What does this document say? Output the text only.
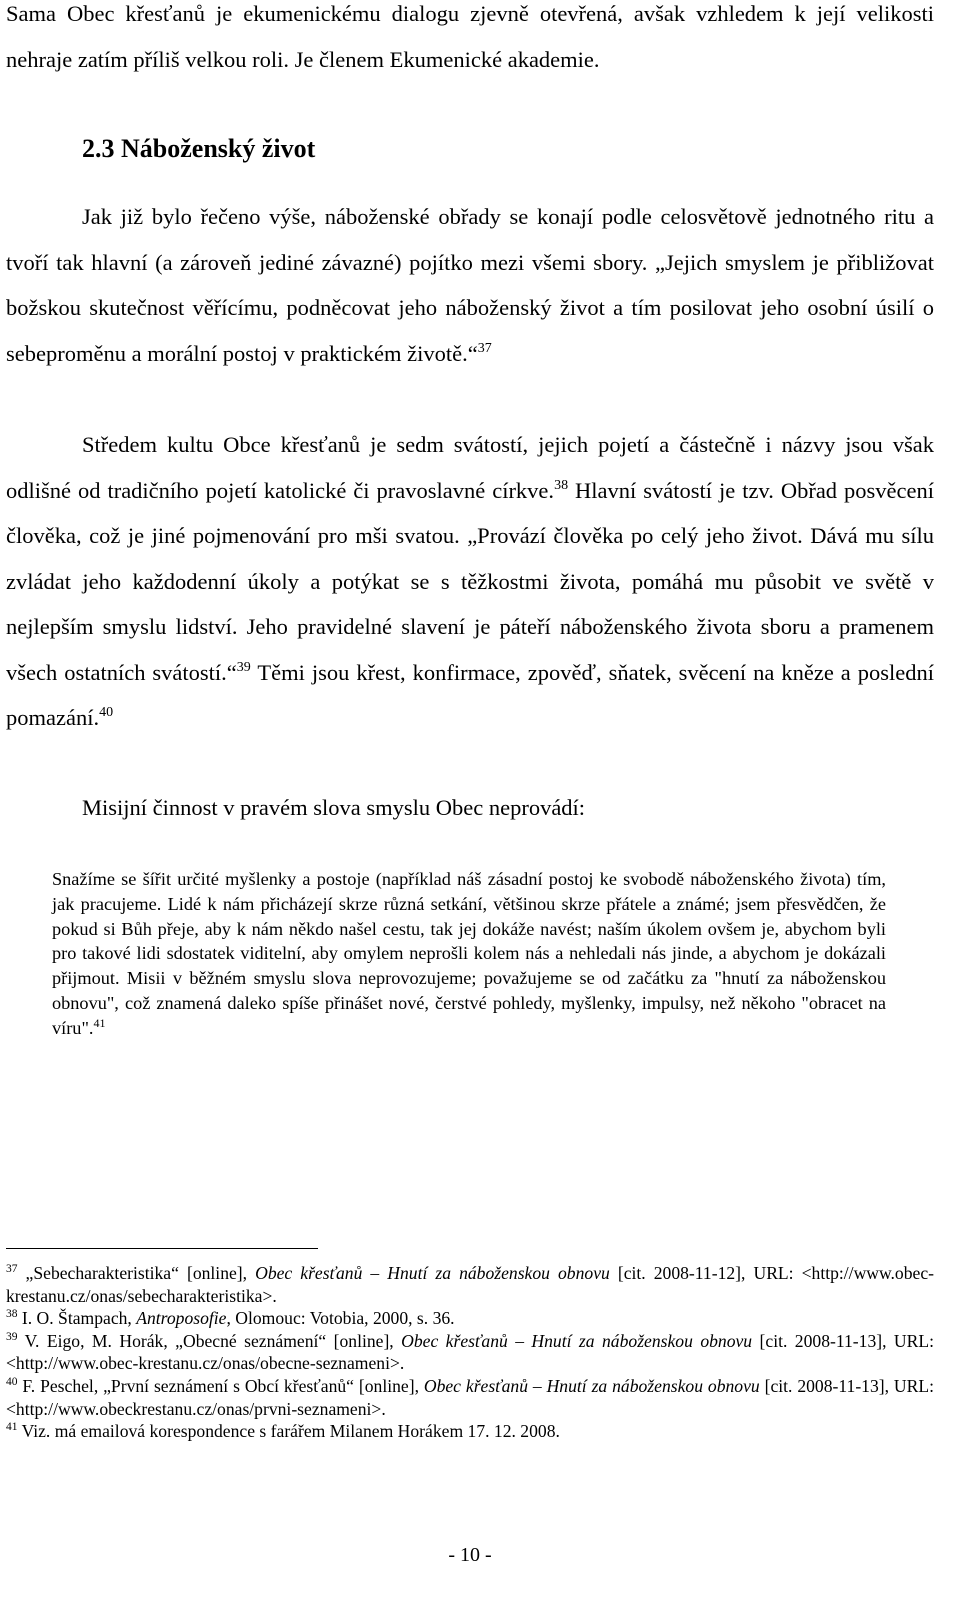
Sama Obec křesťanů je ekumenickému dialogu zjevně otevřená, avšak vzhledem k její velikosti nehraje zatím příliš velkou roli. Je členem Ekumenické akademie.

2.3 Náboženský život

Jak již bylo řečeno výše, náboženské obřady se konají podle celosvětově jednotného ritu a tvoří tak hlavní (a zároveň jediné závazné) pojítko mezi všemi sbory. „Jejich smyslem je přibližovat božskou skutečnost věřícímu, podněcovat jeho náboženský život a tím posilovat jeho osobní úsilí o sebeproměnu a morální postoj v praktickém životě.“$^{37}$

Středem kultu Obce křesťanů je sedm svátostí, jejich pojetí a částečně i názvy jsou však odlišné od tradičního pojetí katolické či pravoslavné církve.$^{38}$ Hlavní svátostí je tzv. Obřad posvěcení člověka, což je jiné pojmenování pro mši svatou. „Provází člověka po celý jeho život. Dává mu sílu zvládat jeho každodenní úkoly a potýkat se s těžkostmi života, pomáhá mu působit ve světě v nejlepším smyslu lidství. Jeho pravidelné slavení je páteří náboženského života sboru a pramenem všech ostatních svátostí.“$^{39}$ Těmi jsou křest, konfirmace, zpověď, sňatek, svěcení na kněze a poslední pomazání.$^{40}$

Misijní činnost v pravém slova smyslu Obec neprovádí:

Snažíme se šířit určité myšlenky a postoje (například náš zásadní postoj ke svobodě náboženského života) tím, jak pracujeme. Lidé k nám přicházejí skrze různá setkání, většinou skrze přátele a známé; jsem přesvědčen, že pokud si Bůh přeje, aby k nám někdo našel cestu, tak jej dokáže navést; naším úkolem ovšem je, abychom byli pro takové lidi sdostatek viditelní, aby omylem neprošli kolem nás a nehledali nás jinde, a abychom je dokázali přijmout. Misii v běžném smyslu slova neprovozujeme; považujeme se od začátku za "hnutí za náboženskou obnovu", což znamená daleko spíše přinášet nové, čerstvé pohledy, myšlenky, impulsy, než někoho "obracet na víru".$^{41}$

$^{37}$ „Sebecharakteristika“ [online], Obec křesťanů – Hnutí za náboženskou obnovu [cit. 2008-11-12], URL: <http://www.obec-krestanu.cz/onas/sebecharakteristika>.

$^{38}$ I. O. Štampach, Antroposofie, Olomouc: Votobia, 2000, s. 36.

$^{39}$ V. Eigo, M. Horák, „Obecné seznámení“ [online], Obec křesťanů – Hnutí za náboženskou obnovu [cit. 2008-11-13], URL: <http://www.obec-krestanu.cz/onas/obecne-seznameni>.

$^{40}$ F. Peschel, „První seznámení s Obcí křesťanů“ [online], Obec křesťanů – Hnutí za náboženskou obnovu [cit. 2008-11-13], URL: <http://www.obeckrestanu.cz/onas/prvni-seznameni>.

$^{41}$ Viz. má emailová korespondence s farářem Milanem Horákem 17. 12. 2008.

- 10 -
